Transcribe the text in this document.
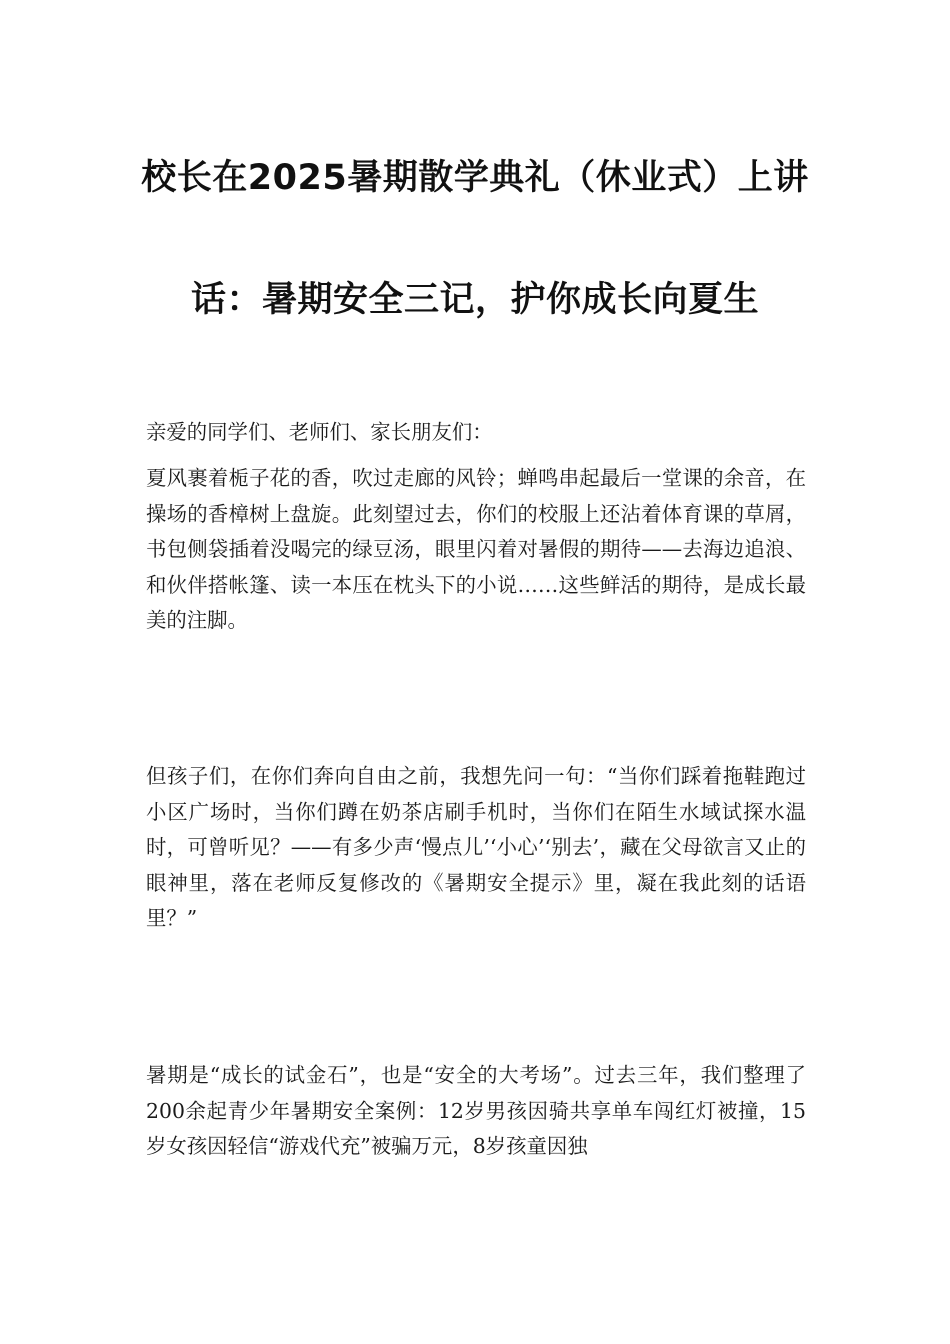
校长在2025暑期散学典礼（休业式）上讲
话：暑期安全三记，护你成长向夏生
亲爱的同学们、老师们、家长朋友们：
夏风裹着栀子花的香，吹过走廊的风铃；蝉鸣串起最后一堂课的余音，在操场的香樟树上盘旋。此刻望过去，你们的校服上还沾着体育课的草屑，书包侧袋插着没喝完的绿豆汤，眼里闪着对暑假的期待——去海边追浪、和伙伴搭帐篷、读一本压在枕头下的小说……这些鲜活的期待，是成长最美的注脚。
但孩子们，在你们奔向自由之前，我想先问一句：“当你们踩着拖鞋跑过小区广场时，当你们蹲在奶茶店刷手机时，当你们在陌生水域试探水温时，可曾听见？——有多少声‘慢点儿’‘小心’‘别去’，藏在父母欲言又止的眼神里，落在老师反复修改的《暑期安全提示》里，凝在我此刻的话语里？”
暑期是“成长的试金石”，也是“安全的大考场”。过去三年，我们整理了200余起青少年暑期安全案例：12岁男孩因骑共享单车闯红灯被撞，15岁女孩因轻信“游戏代充”被骗万元，8岁孩童因独
